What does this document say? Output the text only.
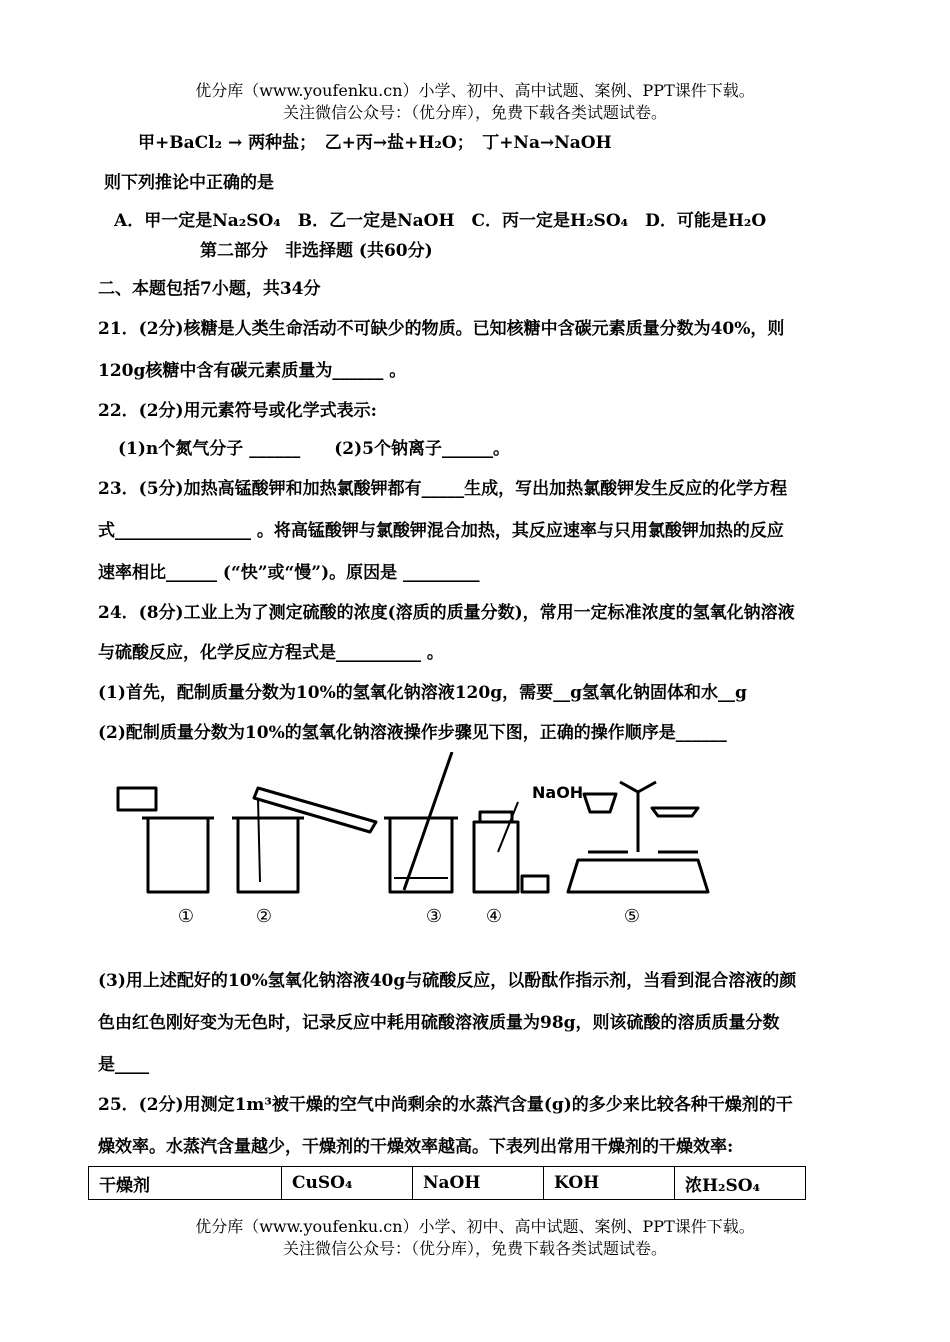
优分库（www.youfenku.cn）小学、初中、高中试题、案例、PPT课件下载。
关注微信公众号：（优分库），免费下载各类试题试卷。
甲+BaCl₂ → 两种盐；　乙+丙→盐+H₂O；　丁+Na→NaOH
则下列推论中正确的是
A．甲一定是Na₂SO₄　B．乙一定是NaOH　C．丙一定是H₂SO₄　D．可能是H₂O
第二部分　非选择题 (共60分)
二、本题包括7小题，共34分
21．(2分)核糖是人类生命活动不可缺少的物质。已知核糖中含碳元素质量分数为40%，则
120g核糖中含有碳元素质量为______ 。
22．(2分)用元素符号或化学式表示:
(1)n个氮气分子 ______　　(2)5个钠离子______。
23．(5分)加热高锰酸钾和加热氯酸钾都有_____生成，写出加热氯酸钾发生反应的化学方程
式________________ 。将高锰酸钾与氯酸钾混合加热，其反应速率与只用氯酸钾加热的反应
速率相比______ (“快”或“慢”)。原因是 _________
24．(8分)工业上为了测定硫酸的浓度(溶质的质量分数)，常用一定标准浓度的氢氧化钠溶液
与硫酸反应，化学反应方程式是__________ 。
(1)首先，配制质量分数为10%的氢氧化钠溶液120g，需要__g氢氧化钠固体和水__g
(2)配制质量分数为10%的氢氧化钠溶液操作步骤见下图，正确的操作顺序是______
NaOH
①	②	③ ④	⑤
(3)用上述配好的10%氢氧化钠溶液40g与硫酸反应，以酚酞作指示剂，当看到混合溶液的颜
色由红色刚好变为无色时，记录反应中耗用硫酸溶液质量为98g，则该硫酸的溶质质量分数
是____
25．(2分)用测定1m³被干燥的空气中尚剩余的水蒸汽含量(g)的多少来比较各种干燥剂的干
燥效率。水蒸汽含量越少，干燥剂的干燥效率越高。下表列出常用干燥剂的干燥效率:
干燥剂	CuSO₄	NaOH	KOH	浓H₂SO₄
优分库（www.youfenku.cn）小学、初中、高中试题、案例、PPT课件下载。
关注微信公众号：（优分库），免费下载各类试题试卷。
